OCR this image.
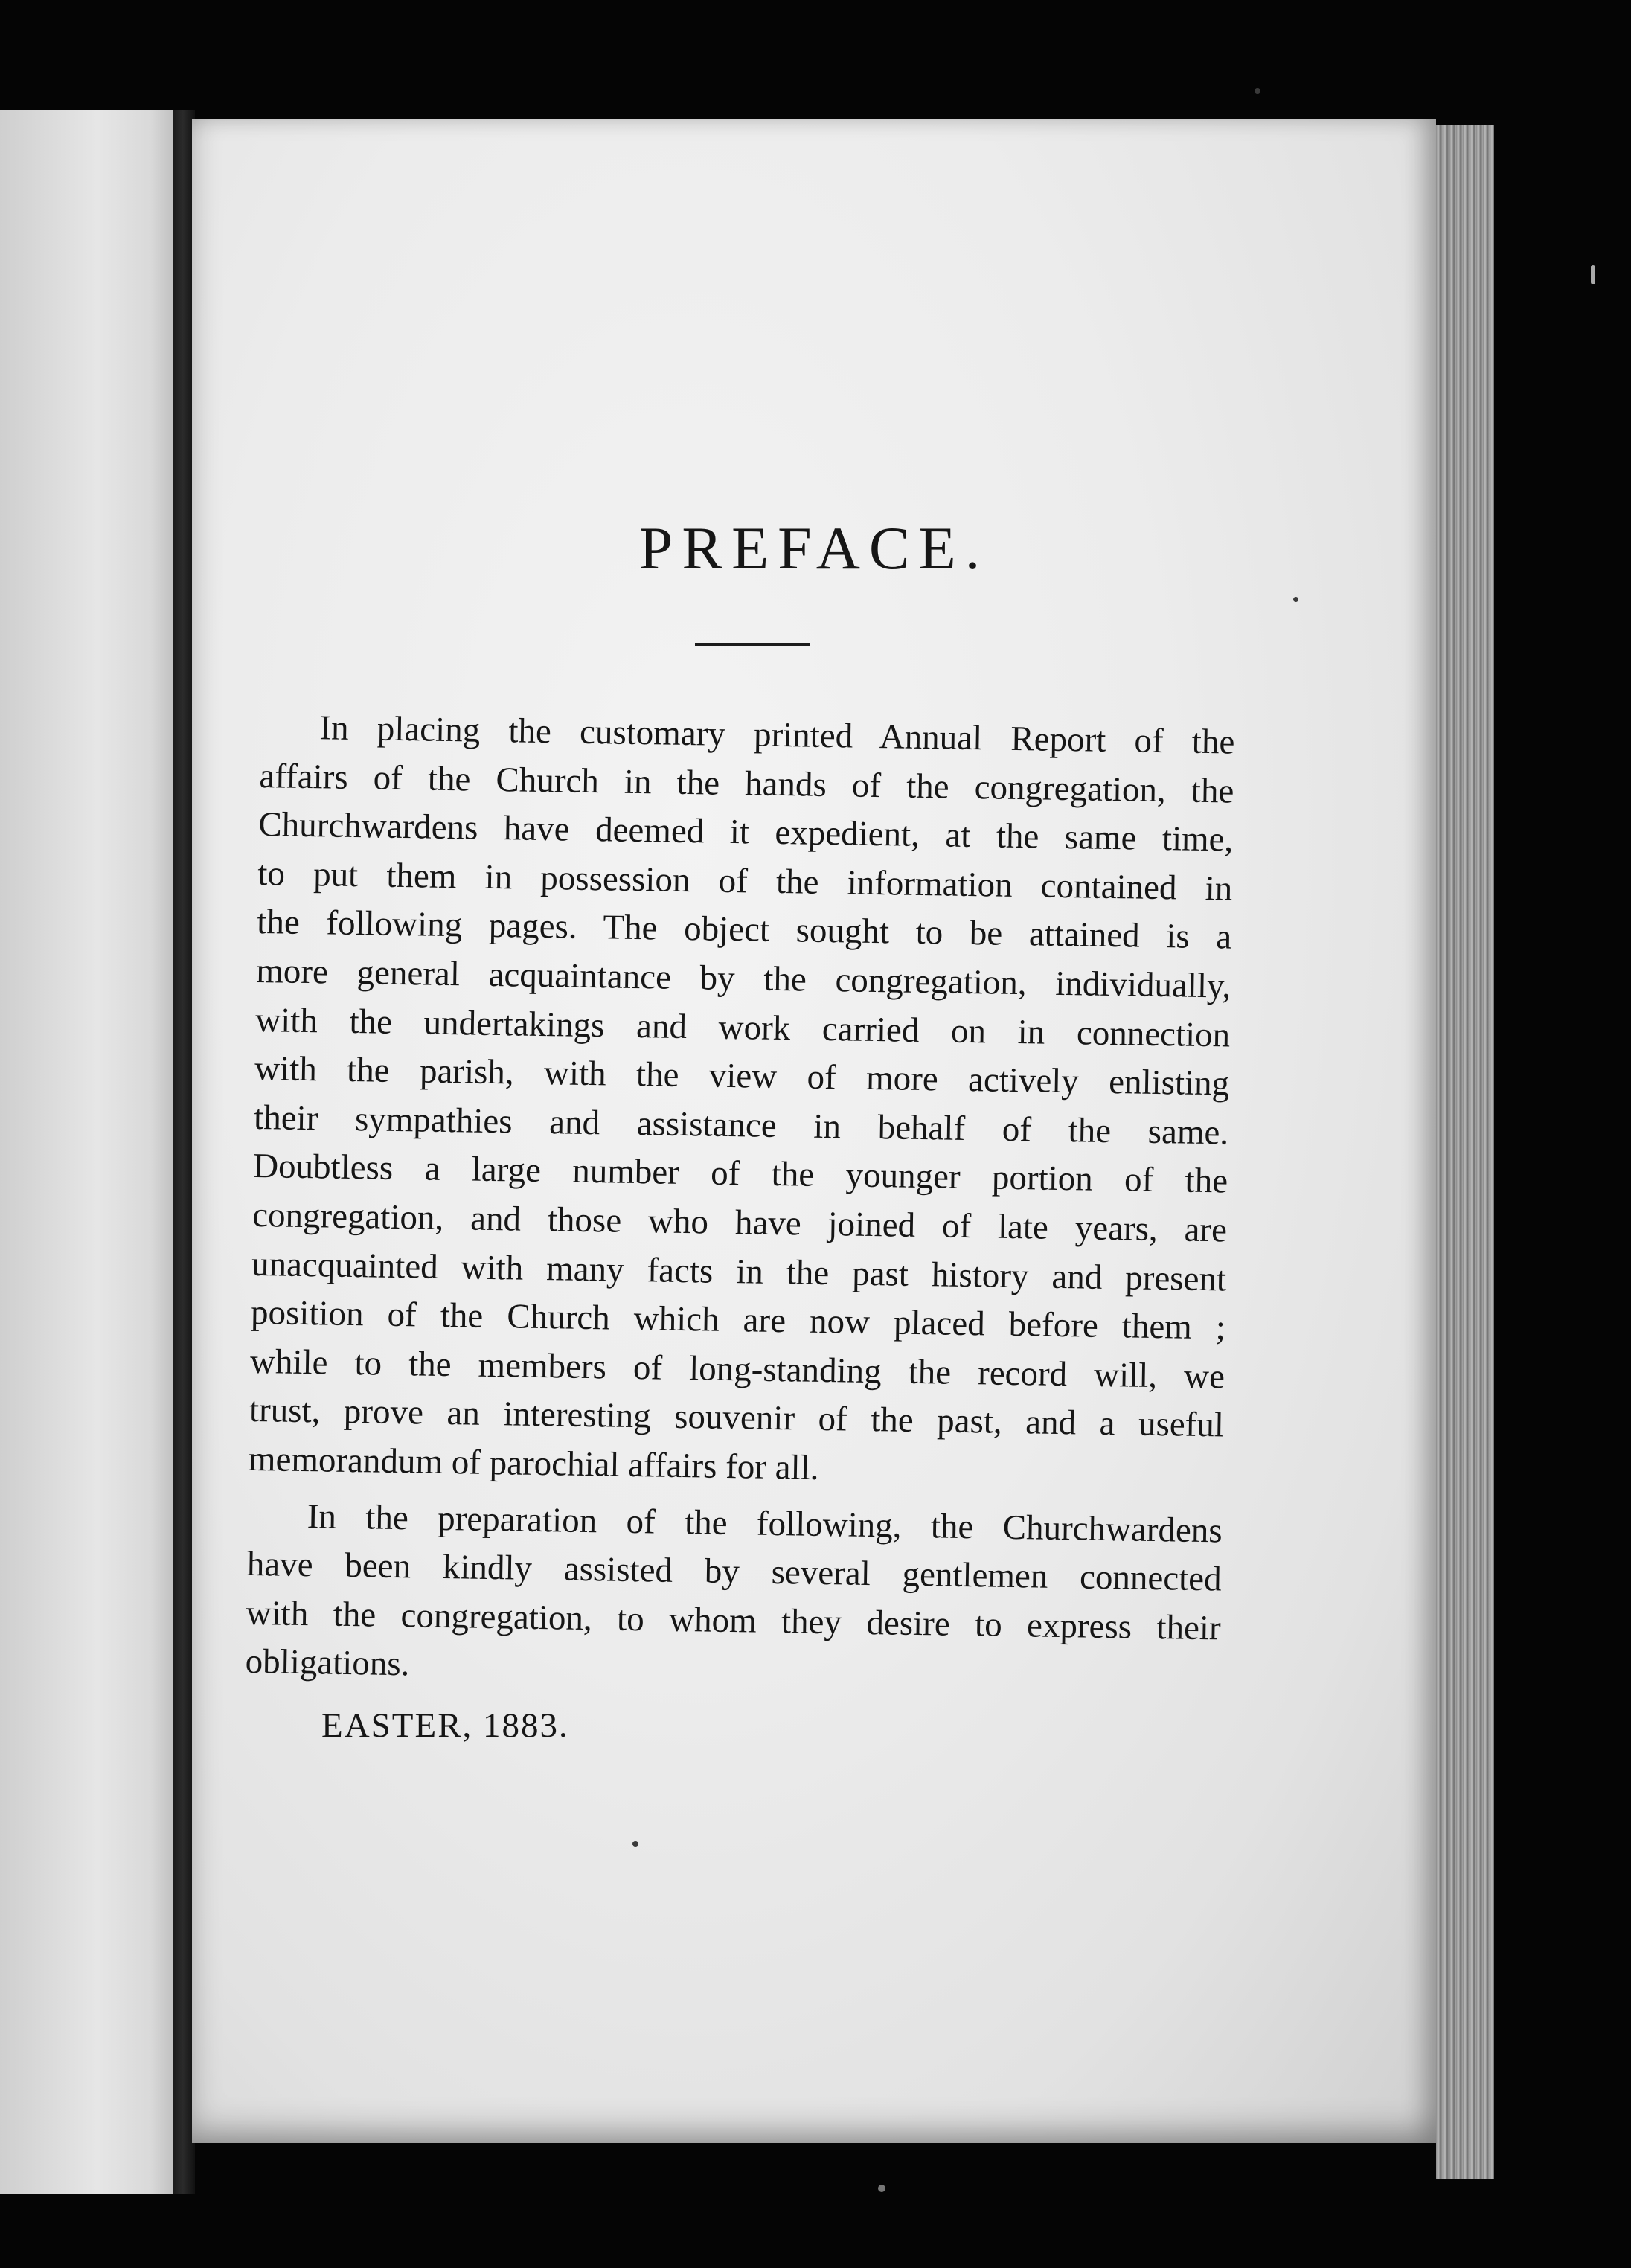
PREFACE.
In placing the customary printed Annual Report of the
affairs of the Church in the hands of the congregation, the
Churchwardens have deemed it expedient, at the same time,
to put them in possession of the information contained in
the following pages. The object sought to be attained is a
more general acquaintance by the congregation, individually,
with the undertakings and work carried on in connection
with the parish, with the view of more actively enlisting
their sympathies and assistance in behalf of the same.
Doubtless a large number of the younger portion of the
congregation, and those who have joined of late years, are
unacquainted with many facts in the past history and present
position of the Church which are now placed before them ;
while to the members of long-standing the record will, we
trust, prove an interesting souvenir of the past, and a useful
memorandum of parochial affairs for all.
In the preparation of the following, the Churchwardens
have been kindly assisted by several gentlemen connected
with the congregation, to whom they desire to express their
obligations.
EASTER, 1883.
